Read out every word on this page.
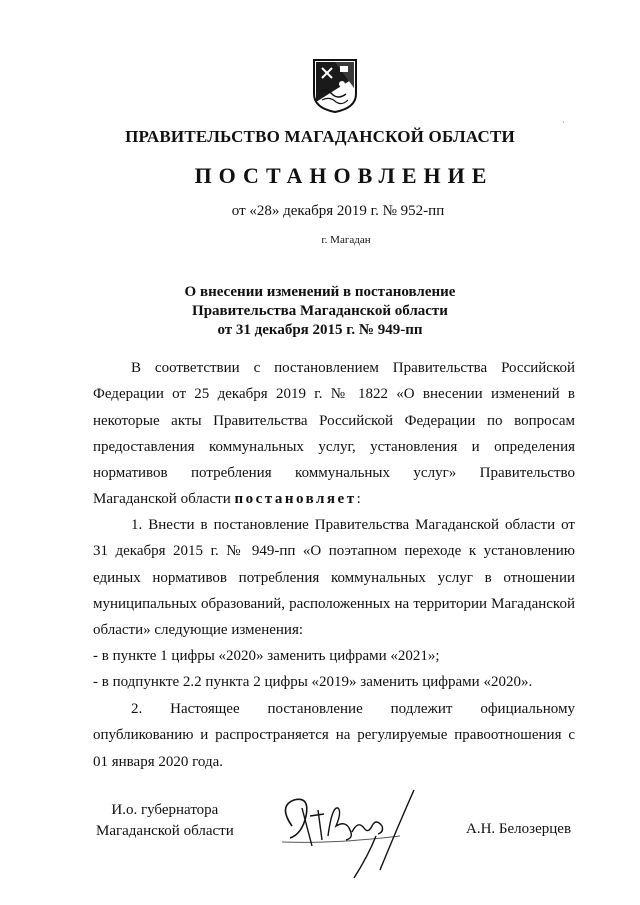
·
ПРАВИТЕЛЬСТВО МАГАДАНСКОЙ ОБЛАСТИ
ПОСТАНОВЛЕНИЕ
от «28» декабря 2019 г. № 952-пп
г. Магадан
О внесении изменений в постановление
Правительства Магаданской области
от 31 декабря 2015 г. № 949-пп

В соответствии с постановлением Правительства Российской Федерации от 25 декабря 2019 г. № 1822 «О внесении изменений в некоторые акты Правительства Российской Федерации по вопросам предоставления коммунальных услуг, установления и определения нормативов потребления коммунальных услуг» Правительство Магаданской области постановляет:

1. Внести в постановление Правительства Магаданской области от 31 декабря 2015 г. № 949-пп «О поэтапном переходе к установлению единых нормативов потребления коммунальных услуг в отношении муниципальных образований, расположенных на территории Магаданской области» следующие изменения:

- в пункте 1 цифры «2020» заменить цифрами «2021»;

- в подпункте 2.2 пункта 2 цифры «2019» заменить цифрами «2020».

2. Настоящее постановление подлежит официальному опубликованию и распространяется на регулируемые правоотношения с 01 января 2020 года.

И.о. губернатора
Магаданской области	А.Н. Белозерцев
